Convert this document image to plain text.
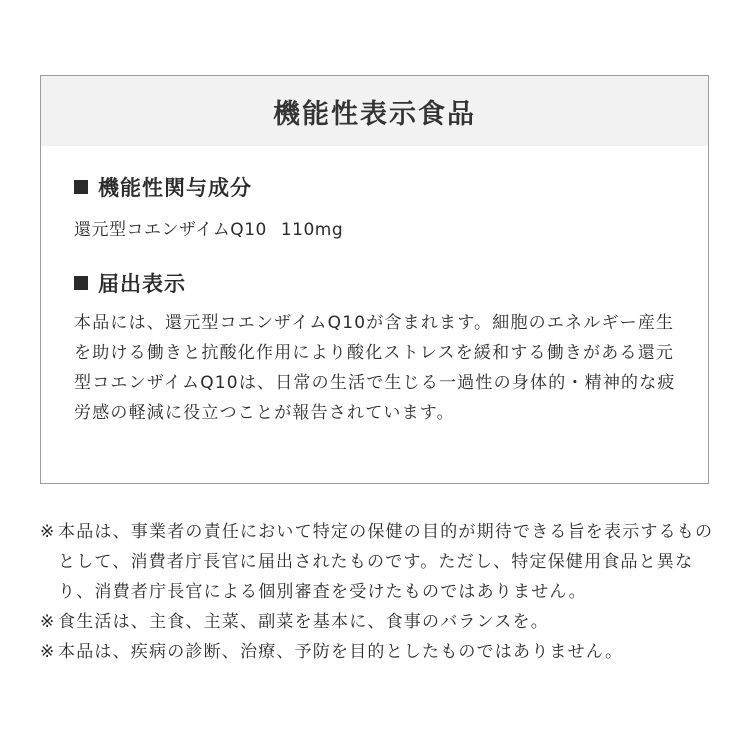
機能性表示食品
機能性関与成分
還元型コエンザイムQ10 110mg
届出表示
本品には、還元型コエンザイムQ10が含まれます。細胞のエネルギー産生を助ける働きと抗酸化作用により酸化ストレスを緩和する働きがある還元型コエンザイムQ10は、日常の生活で生じる一過性の身体的・精神的な疲労感の軽減に役立つことが報告されています。
※ 本品は、事業者の責任において特定の保健の目的が期待できる旨を表示するものとして、消費者庁長官に届出されたものです。ただし、特定保健用食品と異なり、消費者庁長官による個別審査を受けたものではありません。
※ 食生活は、主食、主菜、副菜を基本に、食事のバランスを。
※ 本品は、疾病の診断、治療、予防を目的としたものではありません。
